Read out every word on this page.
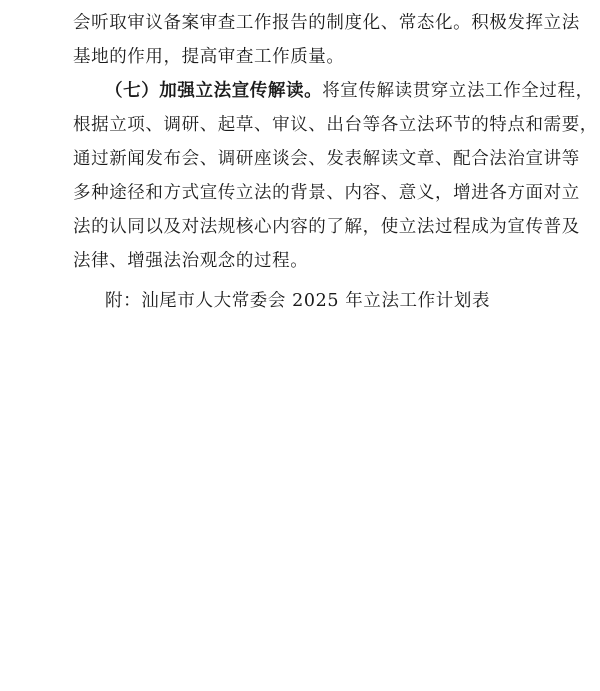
会听取审议备案审查工作报告的制度化、常态化。积极发挥立法
基地的作用，提高审查工作质量。
（七）加强立法宣传解读。将宣传解读贯穿立法工作全过程，
根据立项、调研、起草、审议、出台等各立法环节的特点和需要，
通过新闻发布会、调研座谈会、发表解读文章、配合法治宣讲等
多种途径和方式宣传立法的背景、内容、意义，增进各方面对立
法的认同以及对法规核心内容的了解，使立法过程成为宣传普及
法律、增强法治观念的过程。
附：汕尾市人大常委会 2025 年立法工作计划表
